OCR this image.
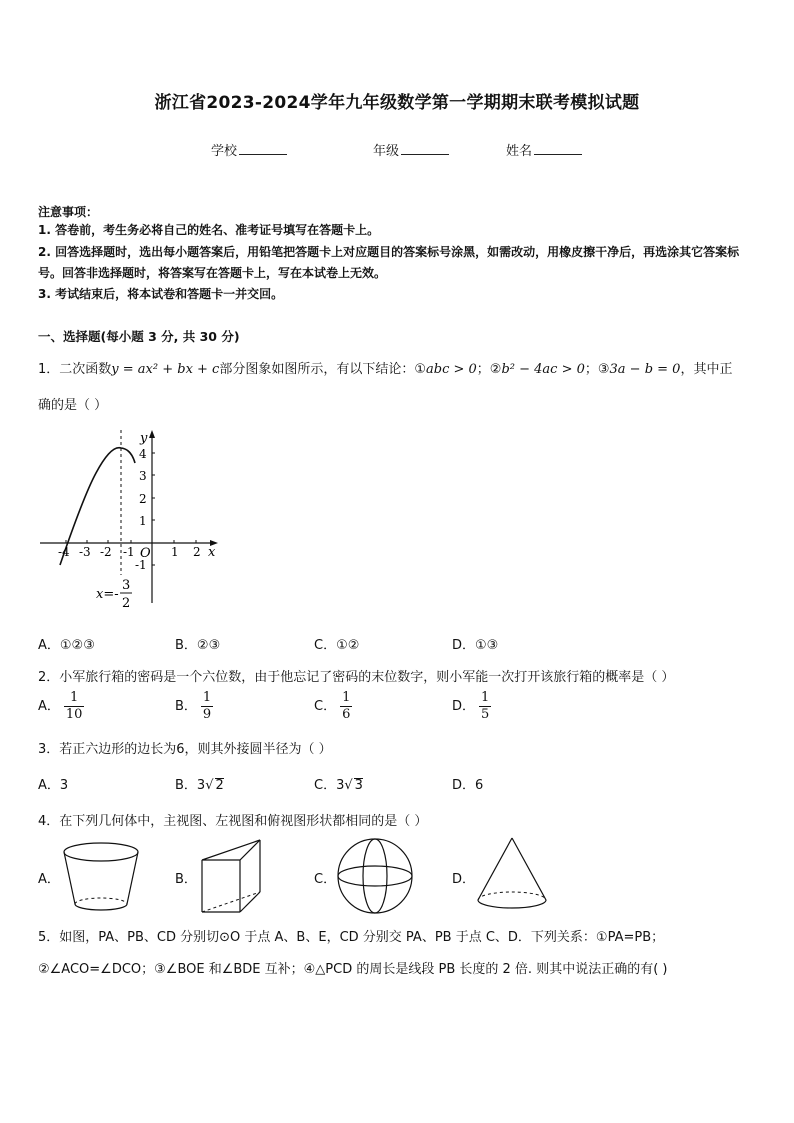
浙江省2023-2024学年九年级数学第一学期期末联考模拟试题
学校	年级	姓名
注意事项：
1. 答卷前，考生务必将自己的姓名、准考证号填写在答题卡上。
2. 回答选择题时，选出每小题答案后，用铅笔把答题卡上对应题目的答案标号涂黑，如需改动，用橡皮擦干净后，再选涂其它答案标号。回答非选择题时，将答案写在答题卡上，写在本试卷上无效。
3. 考试结束后，将本试卷和答题卡一并交回。
一、选择题(每小题 3 分, 共 30 分)
1．二次函数y = ax² + bx + c部分图象如图所示，有以下结论：①abc > 0；②b² − 4ac > 0；③3a − b = 0，其中正
确的是（ ）
y
x
O
-4 -3 -2 -1	1 2
4
3
2
1
-1
x=-
3
2
A．①②③	B．②③	C．①②	D．①③
2．小军旅行箱的密码是一个六位数，由于他忘记了密码的末位数字，则小军能一次打开该旅行箱的概率是（ ）
A． $\frac{1}{10}$	B． $\frac{1}{9}$	C． $\frac{1}{6}$	D． $\frac{1}{5}$
3．若正六边形的边长为6，则其外接圆半径为（ ）
A．3	B．3√ 2	C．3√ 3	D．6
4．在下列几何体中，主视图、左视图和俯视图形状都相同的是（ ）
A．	B．	C．	D．
5．如图，PA、PB、CD 分别切⊙O 于点 A、B、E，CD 分别交 PA、PB 于点 C、D．下列关系：①PA=PB；
②∠ACO=∠DCO；③∠BOE 和∠BDE 互补；④△PCD 的周长是线段 PB 长度的 2 倍. 则其中说法正确的有( )
